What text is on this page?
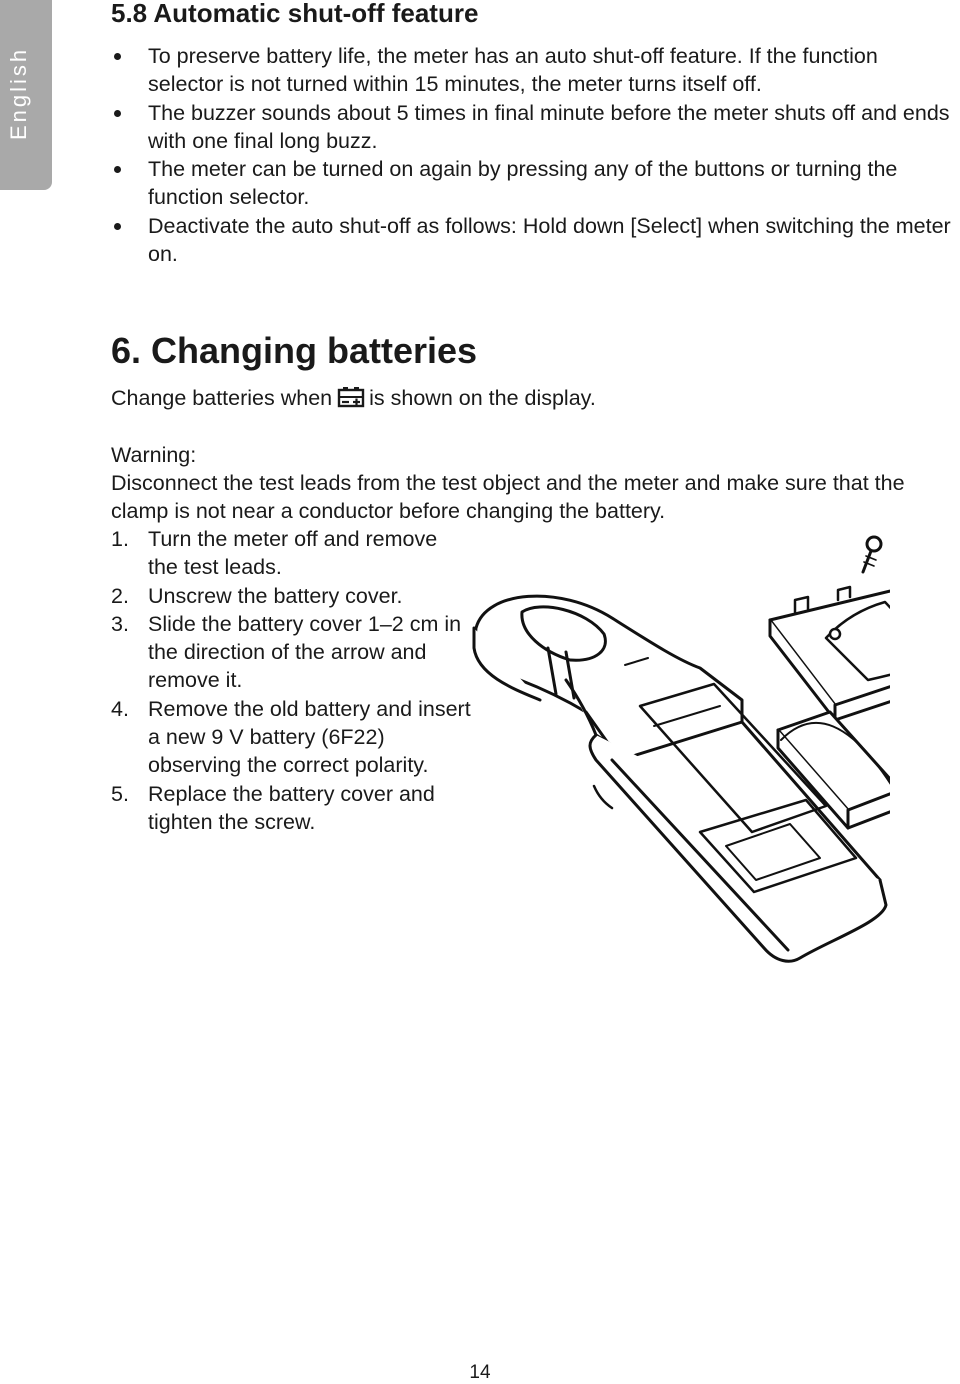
English
5.8 Automatic shut-off feature
To preserve battery life, the meter has an auto shut-off feature. If the function selector is not turned within 15 minutes, the meter turns itself off.
The buzzer sounds about 5 times in final minute before the meter shuts off and ends with one final long buzz.
The meter can be turned on again by pressing any of the buttons or turning the function selector.
Deactivate the auto shut-off as follows: Hold down [Select] when switching the meter on.
6. Changing batteries

Change batteries when is shown on the display.

Warning:

Disconnect the test leads from the test object and the meter and make sure that the clamp is not near a conductor before changing the battery.

1. Turn the meter off and remove the test leads.
2. Unscrew the battery cover.
3. Slide the battery cover 1–2 cm in the direction of the arrow and remove it.
4. Remove the old battery and insert a new 9 V battery (6F22) observing the correct polarity.
5. Replace the battery cover and tighten the screw.
14
